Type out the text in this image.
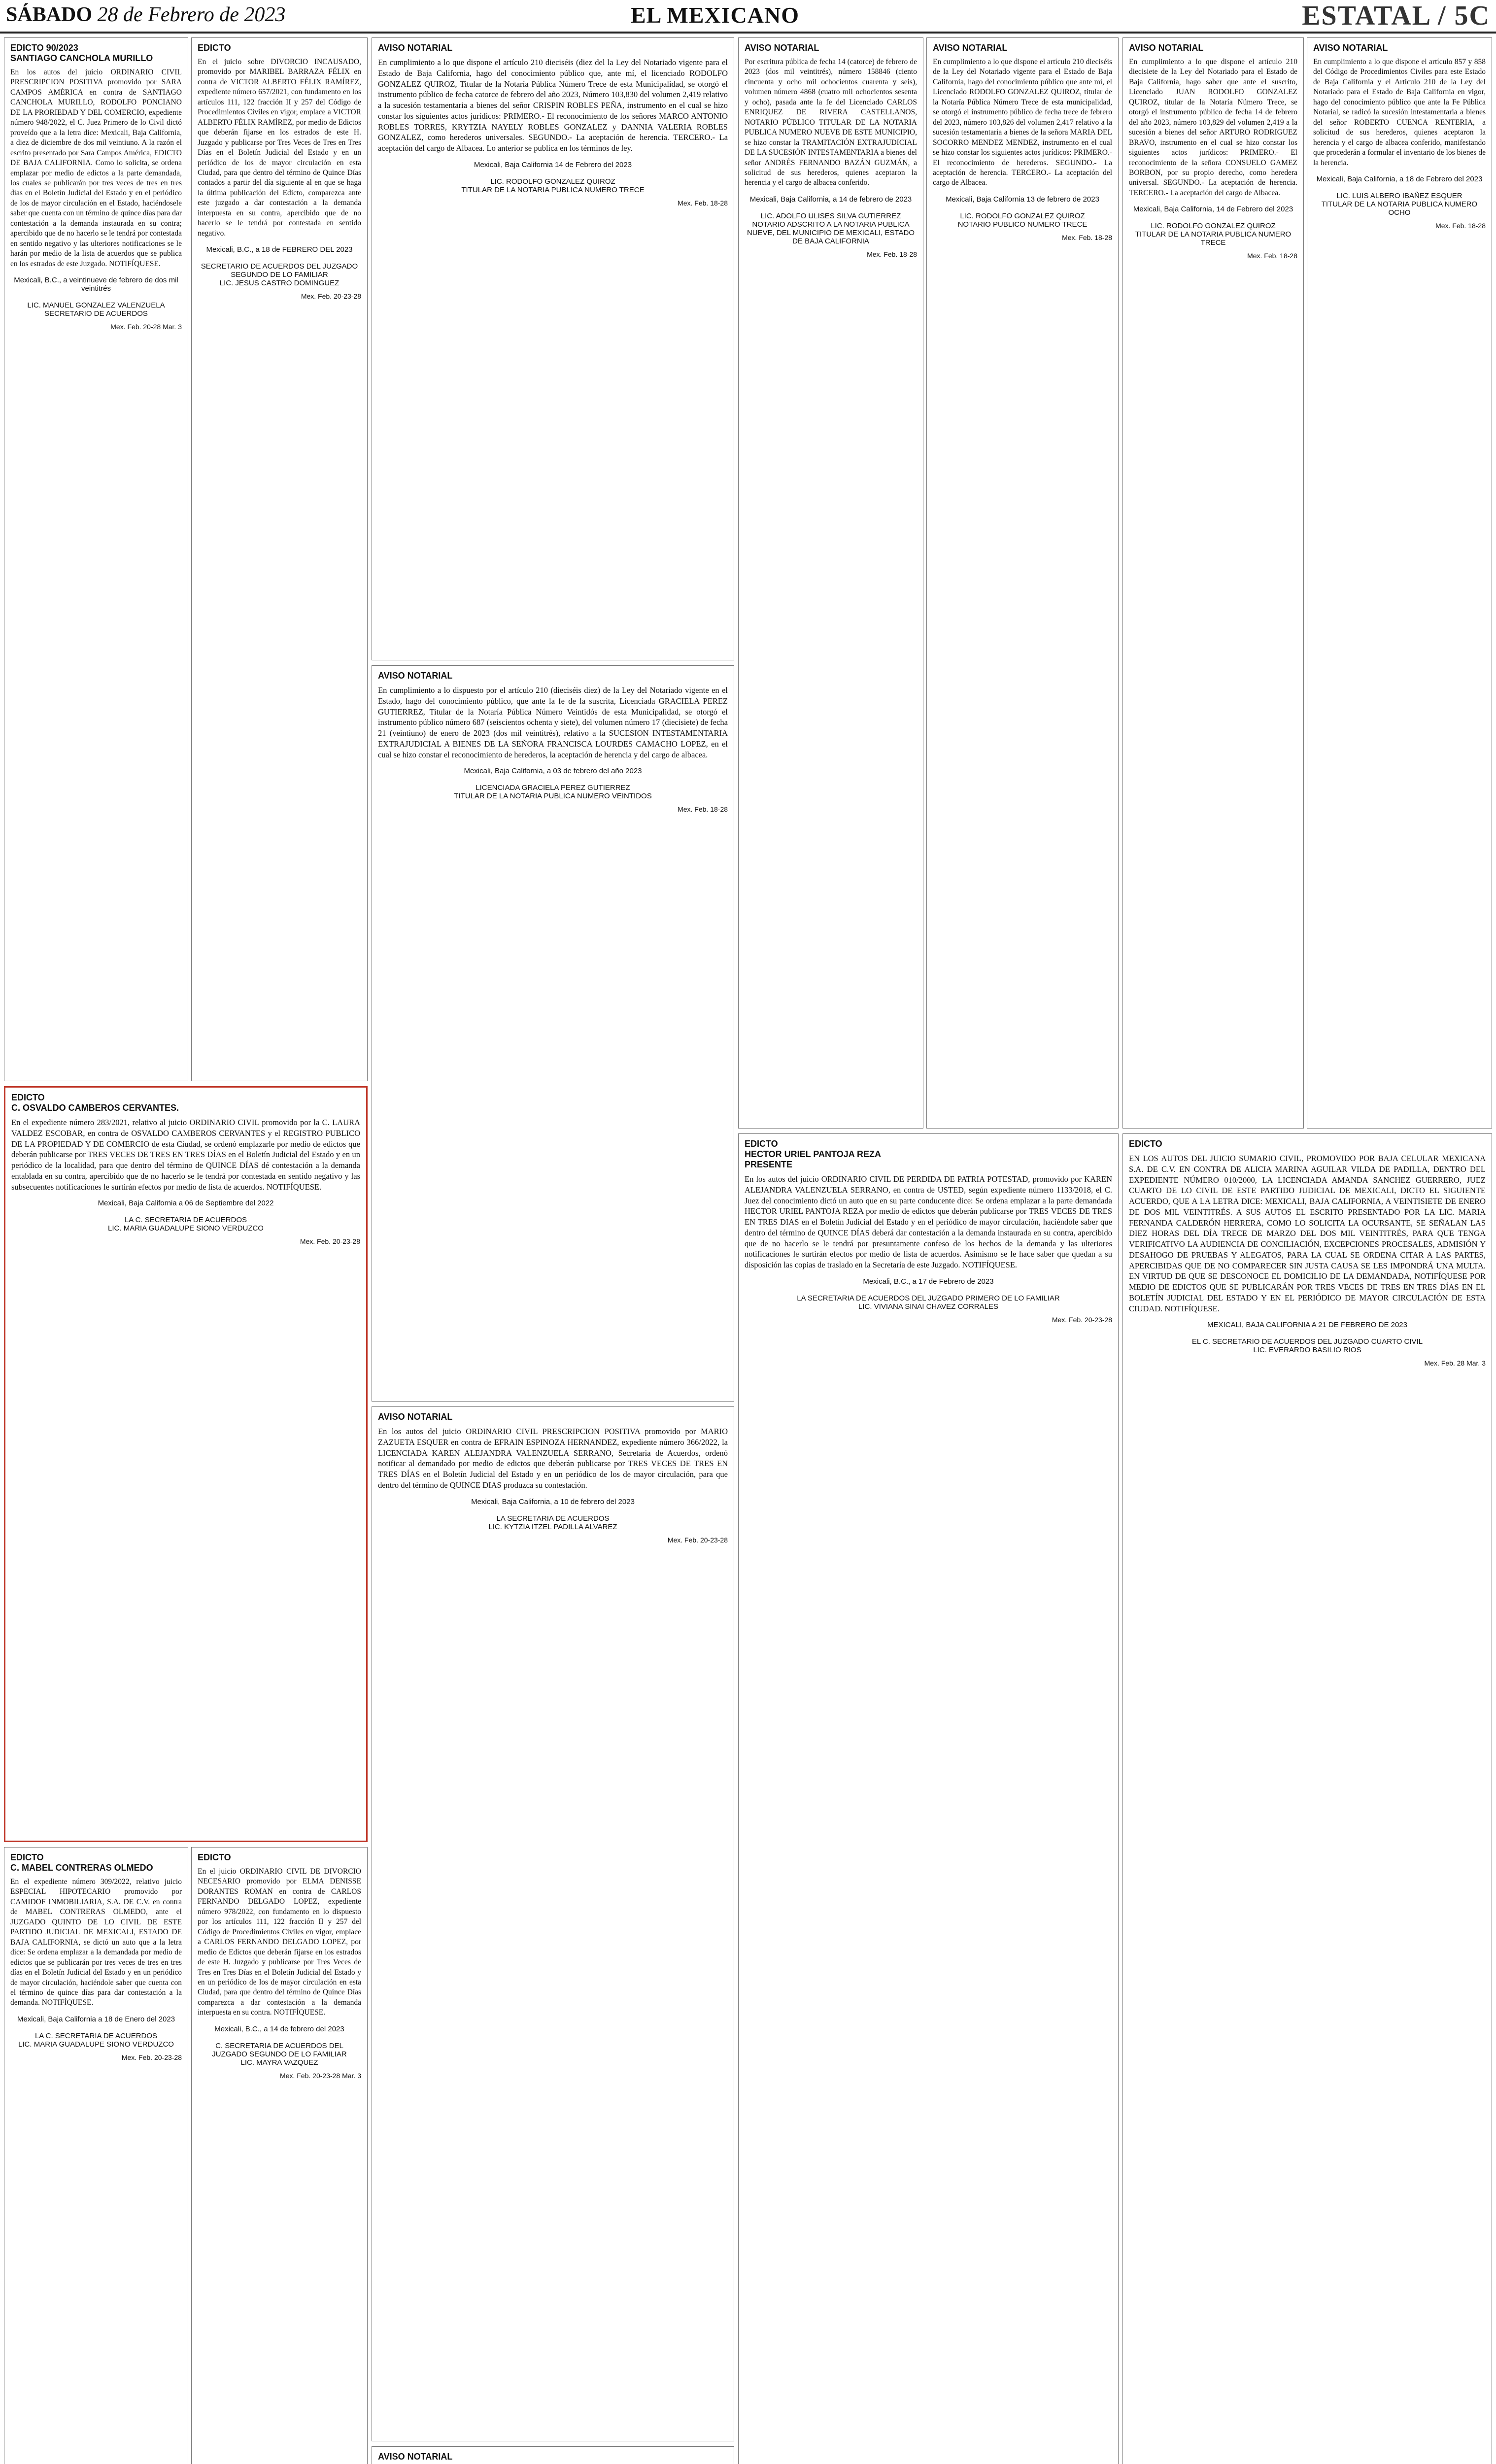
SÁBADO 28 de Febrero de 2023	EL MEXICANO	ESTATAL / 5C
EDICTO 90/2023
SANTIAGO CANCHOLA MURILLO

En los autos del juicio ORDINARIO CIVIL PRESCRIPCION POSITIVA promovido por SARA CAMPOS AMÉRICA en contra de SANTIAGO CANCHOLA MURILLO, RODOLFO PONCIANO DE LA PRORIEDAD Y DEL COMERCIO, expediente número 948/2022, el C. Juez Primero de lo Civil dictó proveído que a la letra dice: Mexicali, Baja California, a diez de diciembre de dos mil veintiuno. A la razón el escrito presentado por Sara Campos América, EDICTO DE BAJA CALIFORNIA. Como lo solicita, se ordena emplazar por medio de edictos a la parte demandada, los cuales se publicarán por tres veces de tres en tres días en el Boletín Judicial del Estado y en el periódico de los de mayor circulación en el Estado, haciéndosele saber que cuenta con un término de quince días para dar contestación a la demanda instaurada en su contra; apercibido que de no hacerlo se le tendrá por contestada en sentido negativo y las ulteriores notificaciones se le harán por medio de la lista de acuerdos que se publica en los estrados de este Juzgado. NOTIFÍQUESE.

Mexicali, B.C., a veintinueve de febrero de dos mil veintitrés

LIC. MANUEL GONZALEZ VALENZUELA
SECRETARIO DE ACUERDOS
Mex. Feb. 20-28 Mar. 3
EDICTO
C. OSVALDO CAMBEROS CERVANTES.

En el expediente número 283/2021, relativo al juicio ORDINARIO CIVIL promovido por la C. LAURA VALDEZ ESCOBAR, en contra de OSVALDO CAMBEROS CERVANTES y el REGISTRO PUBLICO DE LA PROPIEDAD Y DE COMERCIO de esta Ciudad, se ordenó emplazarle por medio de edictos que deberán publicarse por TRES VECES DE TRES EN TRES DÍAS en el Boletín Judicial del Estado y en un periódico de la localidad, para que dentro del término de QUINCE DÍAS dé contestación a la demanda entablada en su contra, apercibido que de no hacerlo se le tendrá por contestada en sentido negativo y las subsecuentes notificaciones le surtirán efectos por medio de lista de acuerdos. NOTIFÍQUESE.

Mexicali, Baja California a 06 de Septiembre del 2022

LA C. SECRETARIA DE ACUERDOS
LIC. MARIA GUADALUPE SIONO VERDUZCO
Mex. Feb. 20-23-28
EDICTO
C. MABEL CONTRERAS OLMEDO

En el expediente número 309/2022, relativo juicio ESPECIAL HIPOTECARIO promovido por CAMIDOF INMOBILIARIA, S.A. DE C.V. en contra de MABEL CONTRERAS OLMEDO, ante el JUZGADO QUINTO DE LO CIVIL DE ESTE PARTIDO JUDICIAL DE MEXICALI, ESTADO DE BAJA CALIFORNIA, se dictó un auto que a la letra dice: Se ordena emplazar a la demandada por medio de edictos que se publicarán por tres veces de tres en tres días en el Boletín Judicial del Estado y en un periódico de mayor circulación, haciéndole saber que cuenta con el término de quince días para dar contestación a la demanda. NOTIFÍQUESE.

Mexicali, Baja California a 18 de Enero del 2023

LA C. SECRETARIA DE ACUERDOS
LIC. MARIA GUADALUPE SIONO VERDUZCO
Mex. Feb. 20-23-28
EDICTO

En el juicio sobre DIVORCIO INCAUSADO, promovido por MARIBEL BARRAZA FÉLIX en contra de VICTOR ALBERTO FÉLIX RAMÍREZ, expediente número 657/2021, con fundamento en los artículos 111, 122 fracción II y 257 del Código de Procedimientos Civiles en vigor, emplace a VICTOR ALBERTO FÉLIX RAMÍREZ, por medio de Edictos que deberán fijarse en los estrados de este H. Juzgado y publicarse por Tres Veces de Tres en Tres Días en el Boletín Judicial del Estado y en un periódico de los de mayor circulación en esta Ciudad, para que dentro del término de Quince Días contados a partir del día siguiente al en que se haga la última publicación del Edicto, comparezca ante este juzgado a dar contestación a la demanda interpuesta en su contra, apercibido que de no hacerlo se le tendrá por contestada en sentido negativo.

Mexicali, B.C., a 18 de FEBRERO DEL 2023

SECRETARIO DE ACUERDOS DEL JUZGADO SEGUNDO DE LO FAMILIAR
LIC. JESUS CASTRO DOMINGUEZ
Mex. Feb. 20-23-28
EDICTO

En el juicio ORDINARIO CIVIL DE DIVORCIO NECESARIO promovido por ELMA DENISSE DORANTES ROMAN en contra de CARLOS FERNANDO DELGADO LOPEZ, expediente número 978/2022, con fundamento en lo dispuesto por los artículos 111, 122 fracción II y 257 del Código de Procedimientos Civiles en vigor, emplace a CARLOS FERNANDO DELGADO LOPEZ, por medio de Edictos que deberán fijarse en los estrados de este H. Juzgado y publicarse por Tres Veces de Tres en Tres Días en el Boletín Judicial del Estado y en un periódico de los de mayor circulación en esta Ciudad, para que dentro del término de Quince Días comparezca a dar contestación a la demanda interpuesta en su contra. NOTIFÍQUESE.

Mexicali, B.C., a 14 de febrero del 2023

C. SECRETARIA DE ACUERDOS DEL JUZGADO SEGUNDO DE LO FAMILIAR
LIC. MAYRA VAZQUEZ
Mex. Feb. 20-23-28 Mar. 3
AVISO NOTARIAL

En cumplimiento a lo que dispone el artículo 210 dieciséis (diez del la Ley del Notariado vigente para el Estado de Baja California, hago del conocimiento público que, ante mí, el licenciado RODOLFO GONZALEZ QUIROZ, Titular de la Notaría Pública Número Trece de esta Municipalidad, se otorgó el instrumento público de fecha catorce de febrero del año 2023, Número 103,830 del volumen 2,419 relativo a la sucesión testamentaria a bienes del señor CRISPIN ROBLES PEÑA, instrumento en el cual se hizo constar los siguientes actos jurídicos: PRIMERO.- El reconocimiento de los señores MARCO ANTONIO ROBLES TORRES, KRYTZIA NAYELY ROBLES GONZALEZ y DANNIA VALERIA ROBLES GONZALEZ, como herederos universales. SEGUNDO.- La aceptación de herencia. TERCERO.- La aceptación del cargo de Albacea. Lo anterior se publica en los términos de ley.

Mexicali, Baja California 14 de Febrero del 2023

LIC. RODOLFO GONZALEZ QUIROZ
TITULAR DE LA NOTARIA PUBLICA NUMERO TRECE
Mex. Feb. 18-28
AVISO NOTARIAL

En cumplimiento a lo dispuesto por el artículo 210 (dieciséis diez) de la Ley del Notariado vigente en el Estado, hago del conocimiento público, que ante la fe de la suscrita, Licenciada GRACIELA PEREZ GUTIERREZ, Titular de la Notaría Pública Número Veintidós de esta Municipalidad, se otorgó el instrumento público número 687 (seiscientos ochenta y siete), del volumen número 17 (diecisiete) de fecha 21 (veintiuno) de enero de 2023 (dos mil veintitrés), relativo a la SUCESION INTESTAMENTARIA EXTRAJUDICIAL A BIENES DE LA SEÑORA FRANCISCA LOURDES CAMACHO LOPEZ, en el cual se hizo constar el reconocimiento de herederos, la aceptación de herencia y del cargo de albacea.

Mexicali, Baja California, a 03 de febrero del año 2023

LICENCIADA GRACIELA PEREZ GUTIERREZ
TITULAR DE LA NOTARIA PUBLICA NUMERO VEINTIDOS
Mex. Feb. 18-28
AVISO NOTARIAL

En los autos del juicio ORDINARIO CIVIL PRESCRIPCION POSITIVA promovido por MARIO ZAZUETA ESQUER en contra de EFRAIN ESPINOZA HERNANDEZ, expediente número 366/2022, la LICENCIADA KAREN ALEJANDRA VALENZUELA SERRANO, Secretaria de Acuerdos, ordenó notificar al demandado por medio de edictos que deberán publicarse por TRES VECES DE TRES EN TRES DÍAS en el Boletín Judicial del Estado y en un periódico de los de mayor circulación, para que dentro del término de QUINCE DIAS produzca su contestación.

Mexicali, Baja California, a 10 de febrero del 2023

LA SECRETARIA DE ACUERDOS
LIC. KYTZIA ITZEL PADILLA ALVAREZ
Mex. Feb. 20-23-28
AVISO NOTARIAL

AVISO NOTARIAL

Por escritura pública de fecha 14 (catorce) de febrero de 2023 (dos mil veintitrés), número 158846 (ciento cincuenta y ocho mil ochocientos cuarenta y seis), volumen número 4868 (cuatro mil ochocientos sesenta y ocho), pasada ante la fe del Licenciado CARLOS ENRIQUEZ DE RIVERA CASTELLANOS, NOTARIO PÚBLICO TITULAR DE LA NOTARIA PUBLICA NUMERO NUEVE DE ESTE MUNICIPIO, se hizo constar la TRAMITACIÓN EXTRAJUDICIAL DE LA SUCESIÓN INTESTAMENTARIA a bienes del señor ANDRÉS FERNANDO BAZÁN GUZMÁN, a solicitud de sus herederos, quienes aceptaron la herencia y el cargo de albacea conferido.

Mexicali, Baja California, a 14 de febrero de 2023

LIC. ADOLFO ULISES SILVA GUTIERREZ
NOTARIO ADSCRITO A LA NOTARIA PUBLICA NUEVE, DEL MUNICIPIO DE MEXICALI, ESTADO DE BAJA CALIFORNIA
Mex. Feb. 18-28
AVISO NOTARIAL

En cumplimiento a lo que dispone el artículo 210 dieciséis de la Ley del Notariado vigente para el Estado de Baja California, hago del conocimiento público que ante mí, el Licenciado RODOLFO GONZALEZ QUIROZ, titular de la Notaría Pública Número Trece de esta municipalidad, se otorgó el instrumento público de fecha trece de febrero del 2023, número 103,826 del volumen 2,417 relativo a la sucesión testamentaria a bienes de la señora MARIA DEL SOCORRO MENDEZ MENDEZ, instrumento en el cual se hizo constar los siguientes actos jurídicos: PRIMERO.- El reconocimiento de herederos. SEGUNDO.- La aceptación de herencia. TERCERO.- La aceptación del cargo de Albacea.

Mexicali, Baja California 13 de febrero de 2023

LIC. RODOLFO GONZALEZ QUIROZ
NOTARIO PUBLICO NUMERO TRECE
Mex. Feb. 18-28
EDICTO
HECTOR URIEL PANTOJA REZA
PRESENTE

En los autos del juicio ORDINARIO CIVIL DE PERDIDA DE PATRIA POTESTAD, promovido por KAREN ALEJANDRA VALENZUELA SERRANO, en contra de USTED, según expediente número 1133/2018, el C. Juez del conocimiento dictó un auto que en su parte conducente dice: Se ordena emplazar a la parte demandada HECTOR URIEL PANTOJA REZA por medio de edictos que deberán publicarse por TRES VECES DE TRES EN TRES DIAS en el Boletín Judicial del Estado y en el periódico de mayor circulación, haciéndole saber que dentro del término de QUINCE DÍAS deberá dar contestación a la demanda instaurada en su contra, apercibido que de no hacerlo se le tendrá por presuntamente confeso de los hechos de la demanda y las ulteriores notificaciones le surtirán efectos por medio de lista de acuerdos. Asimismo se le hace saber que quedan a su disposición las copias de traslado en la Secretaría de este Juzgado. NOTIFÍQUESE.

Mexicali, B.C., a 17 de Febrero de 2023

LA SECRETARIA DE ACUERDOS DEL JUZGADO PRIMERO DE LO FAMILIAR
LIC. VIVIANA SINAI CHAVEZ CORRALES
Mex. Feb. 20-23-28
AVISO NOTARIAL

En cumplimiento a lo que dispone el artículo 210 diecisiete de la Ley del Notariado para el Estado de Baja California, hago saber que ante el suscrito, Licenciado JUAN RODOLFO GONZALEZ QUIROZ, titular de la Notaría Número Trece, se otorgó el instrumento público de fecha 14 de febrero del año 2023, número 103,829 del volumen 2,419 a la sucesión a bienes del señor ARTURO RODRIGUEZ BRAVO, instrumento en el cual se hizo constar los siguientes actos jurídicos: PRIMERO.- El reconocimiento de la señora CONSUELO GAMEZ BORBON, por su propio derecho, como heredera universal. SEGUNDO.- La aceptación de herencia. TERCERO.- La aceptación del cargo de Albacea.

Mexicali, Baja California, 14 de Febrero del 2023

LIC. RODOLFO GONZALEZ QUIROZ
TITULAR DE LA NOTARIA PUBLICA NUMERO TRECE
Mex. Feb. 18-28
AVISO NOTARIAL

En cumplimiento a lo que dispone el artículo 857 y 858 del Código de Procedimientos Civiles para este Estado de Baja California y el Artículo 210 de la Ley del Notariado para el Estado de Baja California en vigor, hago del conocimiento público que ante la Fe Pública Notarial, se radicó la sucesión intestamentaria a bienes del señor ROBERTO CUENCA RENTERIA, a solicitud de sus herederos, quienes aceptaron la herencia y el cargo de albacea conferido, manifestando que procederán a formular el inventario de los bienes de la herencia.

Mexicali, Baja California, a 18 de Febrero del 2023

LIC. LUIS ALBERO IBAÑEZ ESQUER
TITULAR DE LA NOTARIA PUBLICA NUMERO OCHO
Mex. Feb. 18-28
EDICTO

EN LOS AUTOS DEL JUICIO SUMARIO CIVIL, PROMOVIDO POR BAJA CELULAR MEXICANA S.A. DE C.V. EN CONTRA DE ALICIA MARINA AGUILAR VILDA DE PADILLA, DENTRO DEL EXPEDIENTE NÚMERO 010/2000, LA LICENCIADA AMANDA SANCHEZ GUERRERO, JUEZ CUARTO DE LO CIVIL DE ESTE PARTIDO JUDICIAL DE MEXICALI, DICTO EL SIGUIENTE ACUERDO, QUE A LA LETRA DICE: MEXICALI, BAJA CALIFORNIA, A VEINTISIETE DE ENERO DE DOS MIL VEINTITRÉS. A SUS AUTOS EL ESCRITO PRESENTADO POR LA LIC. MARIA FERNANDA CALDERÓN HERRERA, COMO LO SOLICITA LA OCURSANTE, SE SEÑALAN LAS DIEZ HORAS DEL DÍA TRECE DE MARZO DEL DOS MIL VEINTITRÉS, PARA QUE TENGA VERIFICATIVO LA AUDIENCIA DE CONCILIACIÓN, EXCEPCIONES PROCESALES, ADMISIÓN Y DESAHOGO DE PRUEBAS Y ALEGATOS, PARA LA CUAL SE ORDENA CITAR A LAS PARTES, APERCIBIDAS QUE DE NO COMPARECER SIN JUSTA CAUSA SE LES IMPONDRÁ UNA MULTA. EN VIRTUD DE QUE SE DESCONOCE EL DOMICILIO DE LA DEMANDADA, NOTIFÍQUESE POR MEDIO DE EDICTOS QUE SE PUBLICARÁN POR TRES VECES DE TRES EN TRES DÍAS EN EL BOLETÍN JUDICIAL DEL ESTADO Y EN EL PERIÓDICO DE MAYOR CIRCULACIÓN DE ESTA CIUDAD. NOTIFÍQUESE.

MEXICALI, BAJA CALIFORNIA A 21 DE FEBRERO DE 2023

EL C. SECRETARIO DE ACUERDOS DEL JUZGADO CUARTO CIVIL
LIC. EVERARDO BASILIO RIOS
Mex. Feb. 28 Mar. 3
